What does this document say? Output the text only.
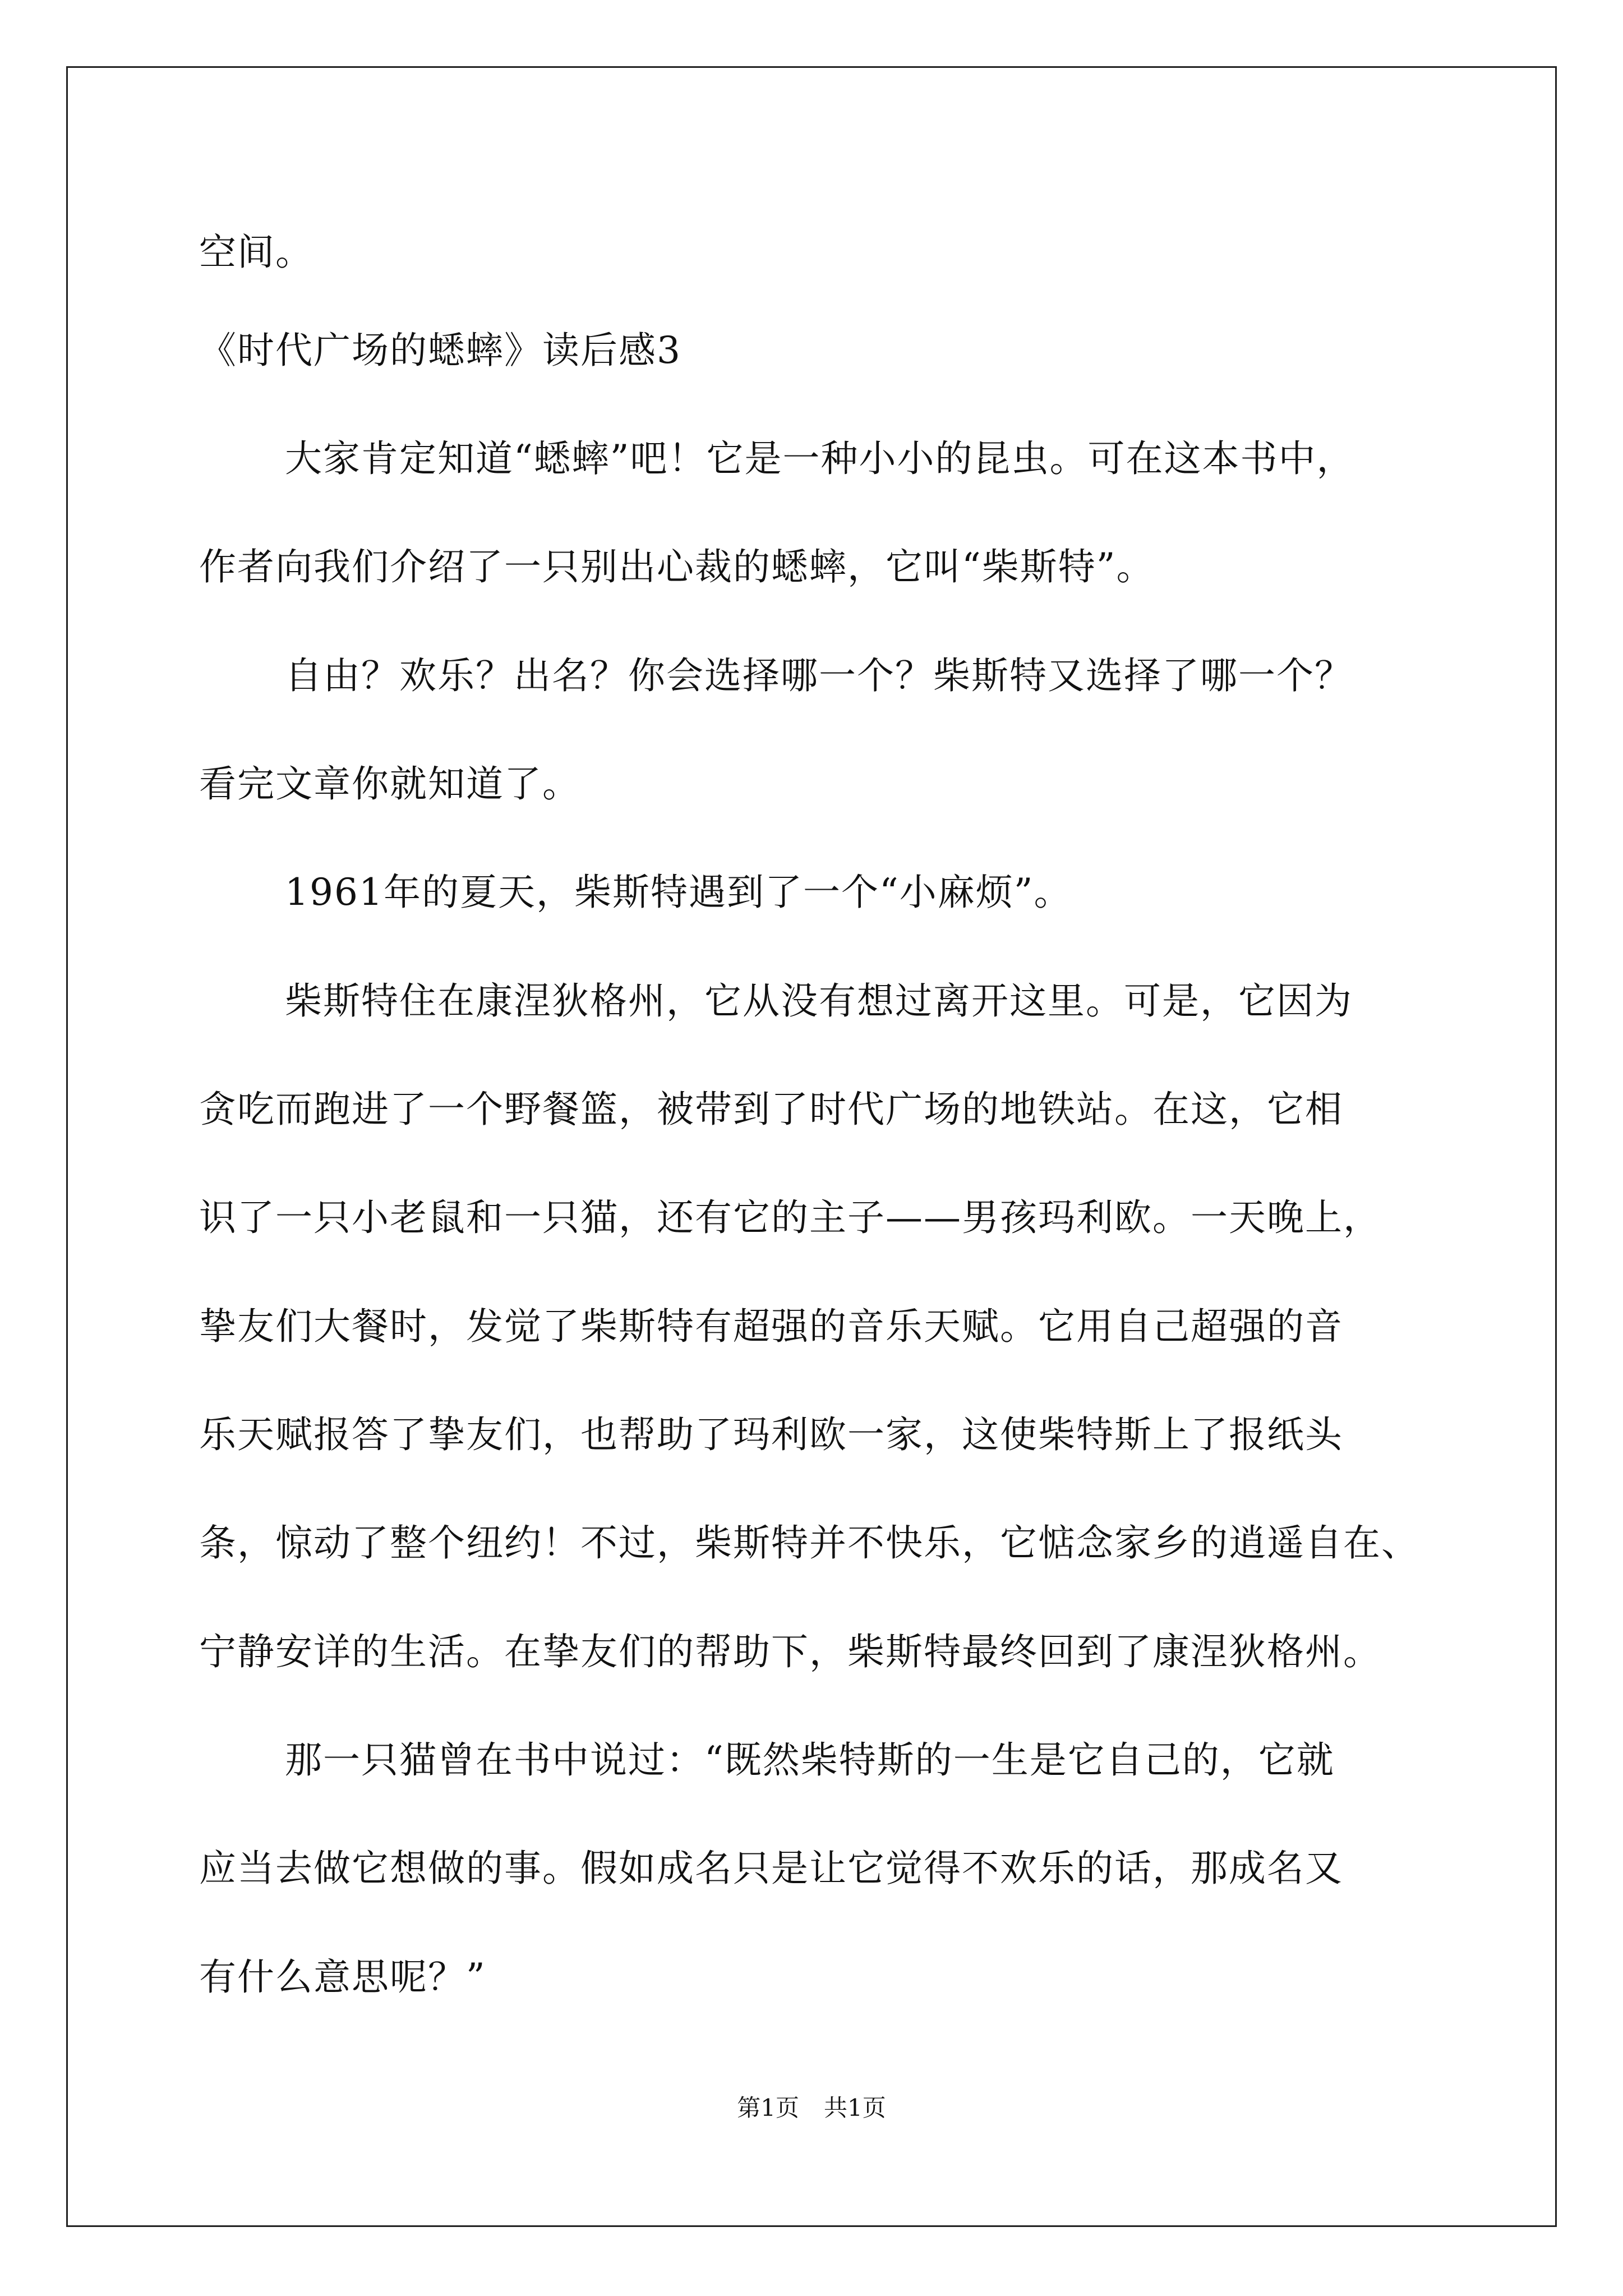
空间。
《时代广场的蟋蟀》读后感3
大家肯定知道“蟋蟀”吧！它是一种小小的昆虫。可在这本书中，
作者向我们介绍了一只别出心裁的蟋蟀，它叫“柴斯特”。
自由？欢乐？出名？你会选择哪一个？柴斯特又选择了哪一个？
看完文章你就知道了。
1961年的夏天，柴斯特遇到了一个“小麻烦”。
柴斯特住在康涅狄格州，它从没有想过离开这里。可是，它因为
贪吃而跑进了一个野餐篮，被带到了时代广场的地铁站。在这，它相
识了一只小老鼠和一只猫，还有它的主子——男孩玛利欧。一天晚上，
挚友们大餐时，发觉了柴斯特有超强的音乐天赋。它用自己超强的音
乐天赋报答了挚友们，也帮助了玛利欧一家，这使柴特斯上了报纸头
条，惊动了整个纽约！不过，柴斯特并不快乐，它惦念家乡的逍遥自在、
宁静安详的生活。在挚友们的帮助下，柴斯特最终回到了康涅狄格州。
那一只猫曾在书中说过：“既然柴特斯的一生是它自己的，它就
应当去做它想做的事。假如成名只是让它觉得不欢乐的话，那成名又
有什么意思呢？”
第1页 共1页
